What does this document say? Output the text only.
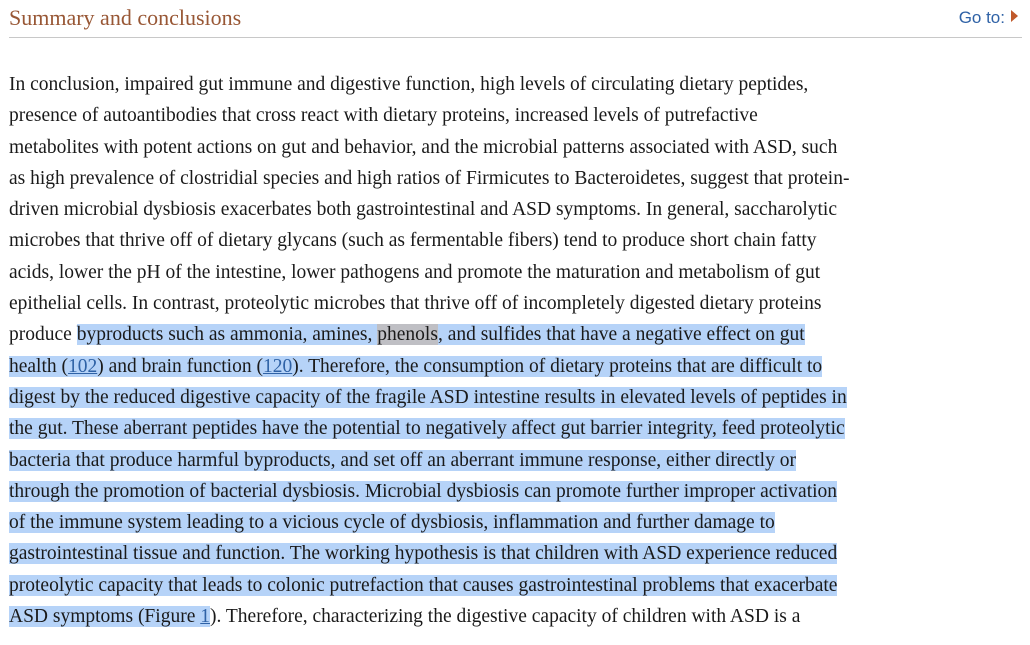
Summary and conclusions	Go to:
In conclusion, impaired gut immune and digestive function, high levels of circulating dietary peptides,
presence of autoantibodies that cross react with dietary proteins, increased levels of putrefactive
metabolites with potent actions on gut and behavior, and the microbial patterns associated with ASD, such
as high prevalence of clostridial species and high ratios of Firmicutes to Bacteroidetes, suggest that protein-
driven microbial dysbiosis exacerbates both gastrointestinal and ASD symptoms. In general, saccharolytic
microbes that thrive off of dietary glycans (such as fermentable fibers) tend to produce short chain fatty
acids, lower the pH of the intestine, lower pathogens and promote the maturation and metabolism of gut
epithelial cells. In contrast, proteolytic microbes that thrive off of incompletely digested dietary proteins
produce byproducts such as ammonia, amines, phenols, and sulfides that have a negative effect on gut
health (102) and brain function (120). Therefore, the consumption of dietary proteins that are difficult to
digest by the reduced digestive capacity of the fragile ASD intestine results in elevated levels of peptides in
the gut. These aberrant peptides have the potential to negatively affect gut barrier integrity, feed proteolytic
bacteria that produce harmful byproducts, and set off an aberrant immune response, either directly or
through the promotion of bacterial dysbiosis. Microbial dysbiosis can promote further improper activation
of the immune system leading to a vicious cycle of dysbiosis, inflammation and further damage to
gastrointestinal tissue and function. The working hypothesis is that children with ASD experience reduced
proteolytic capacity that leads to colonic putrefaction that causes gastrointestinal problems that exacerbate
ASD symptoms (Figure 1). Therefore, characterizing the digestive capacity of children with ASD is a
